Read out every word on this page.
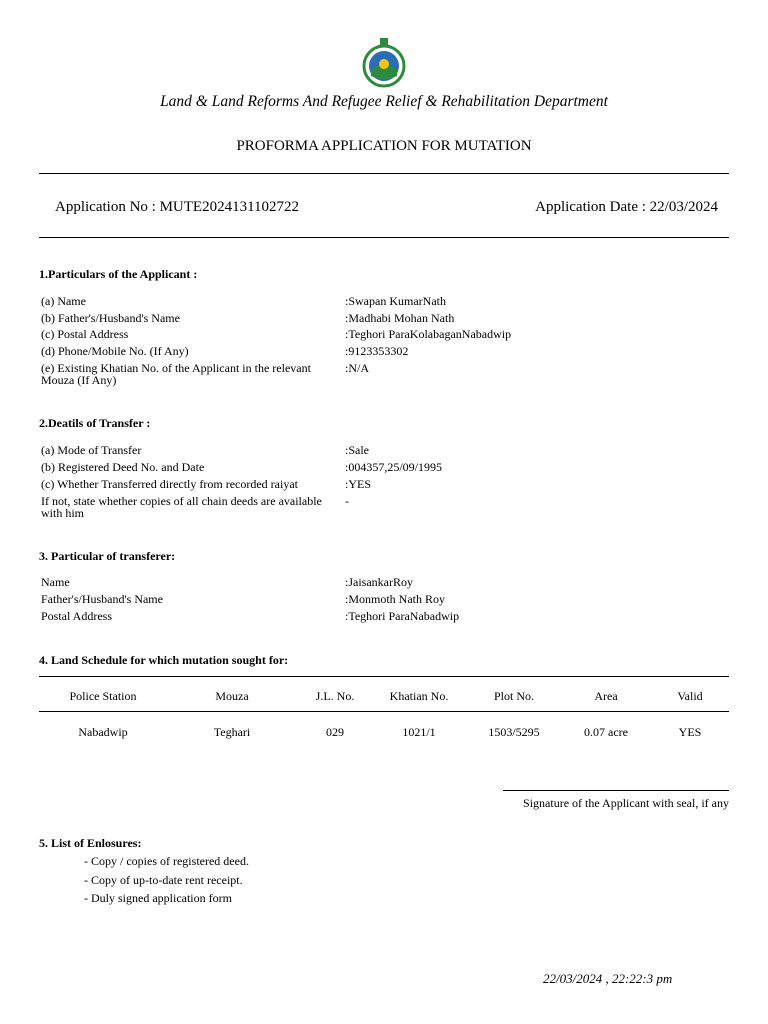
Land & Land Reforms And Refugee Relief & Rehabilitation Department
PROFORMA APPLICATION FOR MUTATION
Application No : MUTE2024131102722	Application Date : 22/03/2024
1.Particulars of the Applicant :
(a) Name	:Swapan KumarNath
(b) Father's/Husband's Name	:Madhabi Mohan Nath
(c) Postal Address	:Teghori ParaKolabaganNabadwip
(d) Phone/Mobile No. (If Any)	:9123353302
(e) Existing Khatian No. of the Applicant in the relevant Mouza (If Any)
:N/A
2.Deatils of Transfer :
(a) Mode of Transfer	:Sale
(b) Registered Deed No. and Date	:004357,25/09/1995
(c) Whether Transferred directly from recorded raiyat	:YES
If not, state whether copies of all chain deeds are available with him
-
3. Particular of transferer:
Name	:JaisankarRoy
Father's/Husband's Name	:Monmoth Nath Roy
Postal Address	:Teghori ParaNabadwip
4. Land Schedule for which mutation sought for:
Police Station	Mouza	J.L. No.	Khatian No.	Plot No.	Area	Valid
Nabadwip	Teghari	029	1021/1	1503/5295	0.07 acre	YES
Signature of the Applicant with seal, if any
5. List of Enlosures:
- Copy / copies of registered deed.
- Copy of up-to-date rent receipt.
- Duly signed application form
22/03/2024 , 22:22:3 pm
